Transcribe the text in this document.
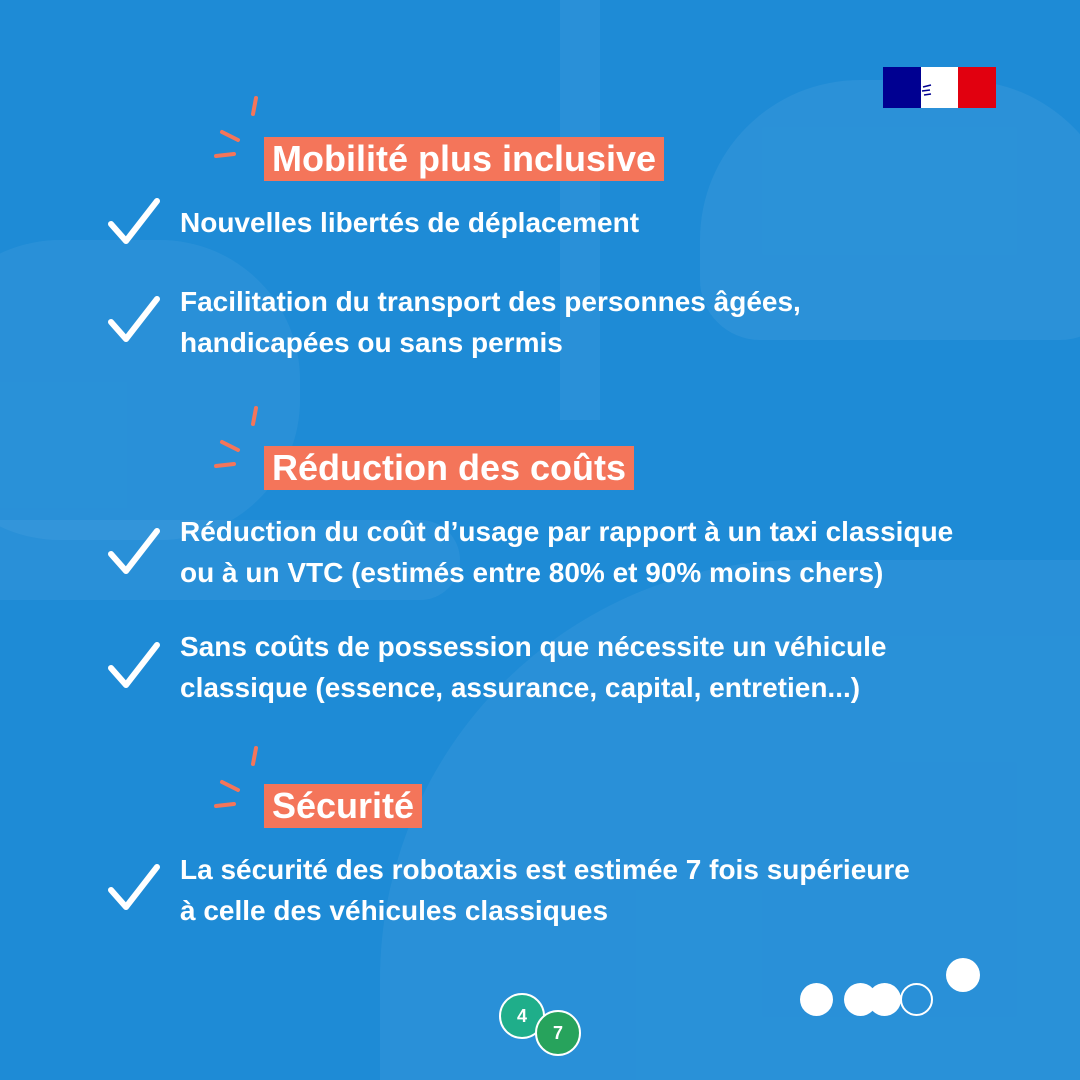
Mobilité plus inclusive
Nouvelles libertés de déplacement
Facilitation du transport des personnes âgées,
handicapées ou sans permis
Réduction des coûts
Réduction du coût d’usage par rapport à un taxi classique
ou à un VTC (estimés entre 80% et 90% moins chers)
Sans coûts de possession que nécessite un véhicule
classique (essence, assurance, capital, entretien...)
Sécurité
La sécurité des robotaxis est estimée 7 fois supérieure
à celle des véhicules classiques
4
7
